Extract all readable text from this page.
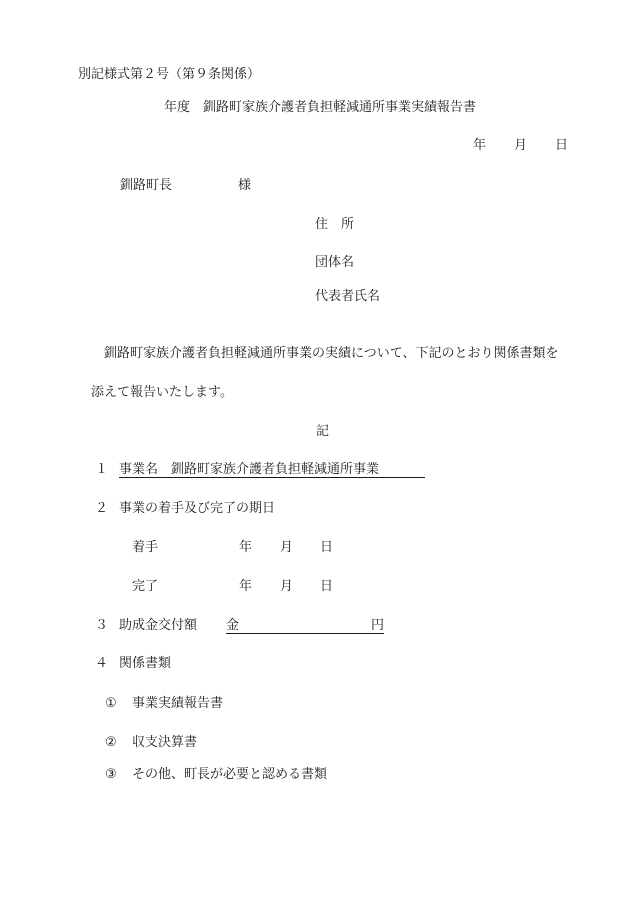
別記様式第２号（第９条関係）
年度　釧路町家族介護者負担軽減通所事業実績報告書
年 月 日
釧路町長	様
住　所
団体名
代表者氏名
釧路町家族介護者負担軽減通所事業の実績について、下記のとおり関係書類を
添えて報告いたします。
記
１ 事業名　釧路町家族介護者負担軽減通所事業
２ 事業の着手及び完了の期日
着手	年 月 日
完了	年 月 日
３ 助成金交付額 金	円
４ 関係書類
① 事業実績報告書
② 収支決算書
③ その他、町長が必要と認める書類
